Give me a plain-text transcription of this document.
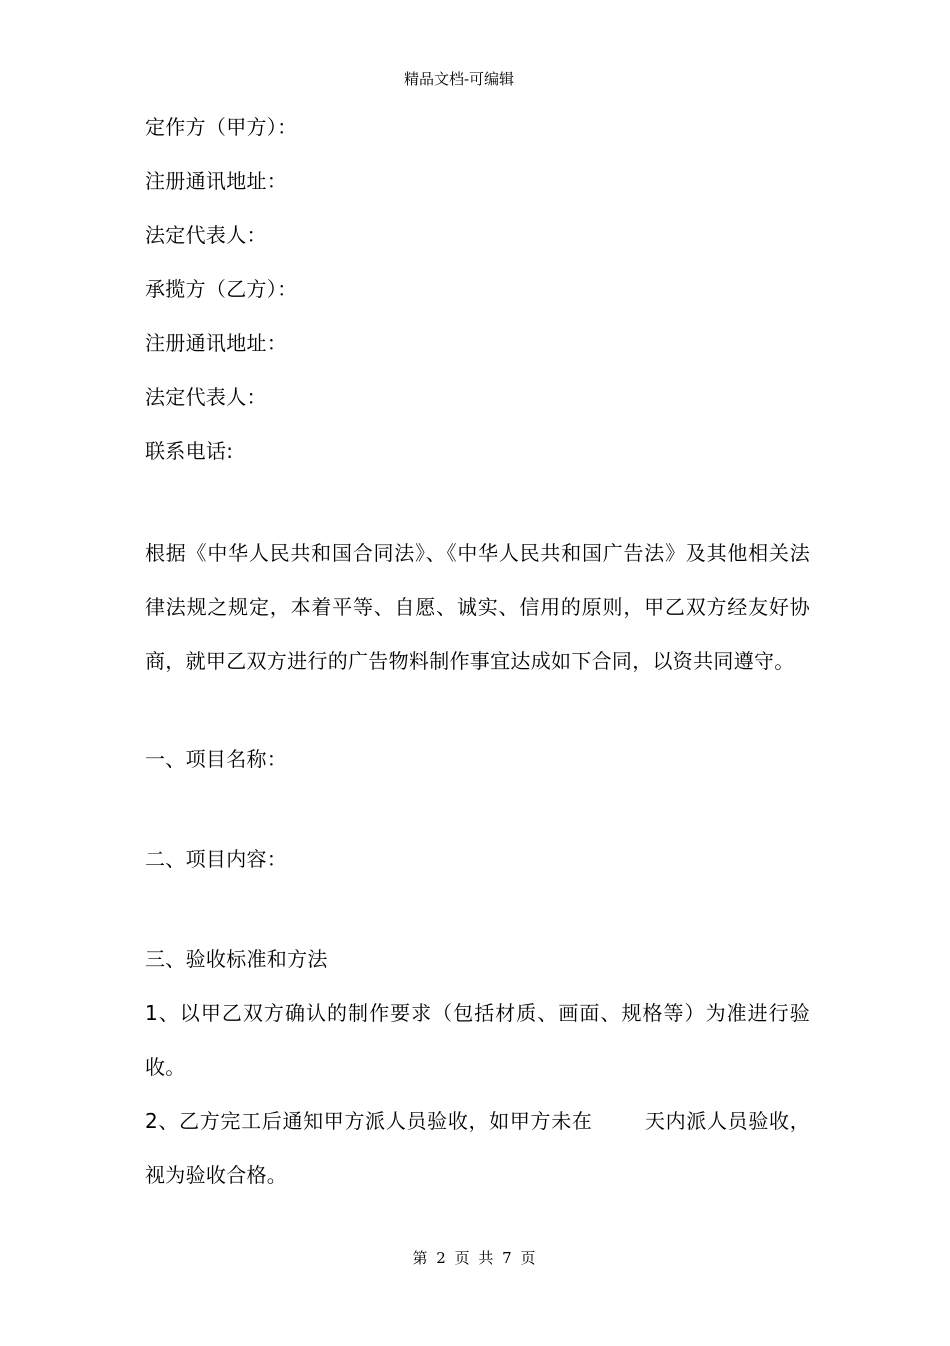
精品文档-可编辑
定作方（甲方）：
注册通讯地址：
法定代表人：
承揽方（乙方）：
注册通讯地址：
法定代表人：
联系电话:
根据《中华人民共和国合同法》、《中华人民共和国广告法》及其他相关法律法规之规定，本着平等、自愿、诚实、信用的原则，甲乙双方经友好协商，就甲乙双方进行的广告物料制作事宜达成如下合同，以资共同遵守。
一、项目名称：
二、项目内容：
三、验收标准和方法
1、以甲乙双方确认的制作要求（包括材质、画面、规格等）为准进行验收。
2、乙方完工后通知甲方派人员验收，如甲方未在	天内派人员验收，视为验收合格。
第 2 页 共 7 页
